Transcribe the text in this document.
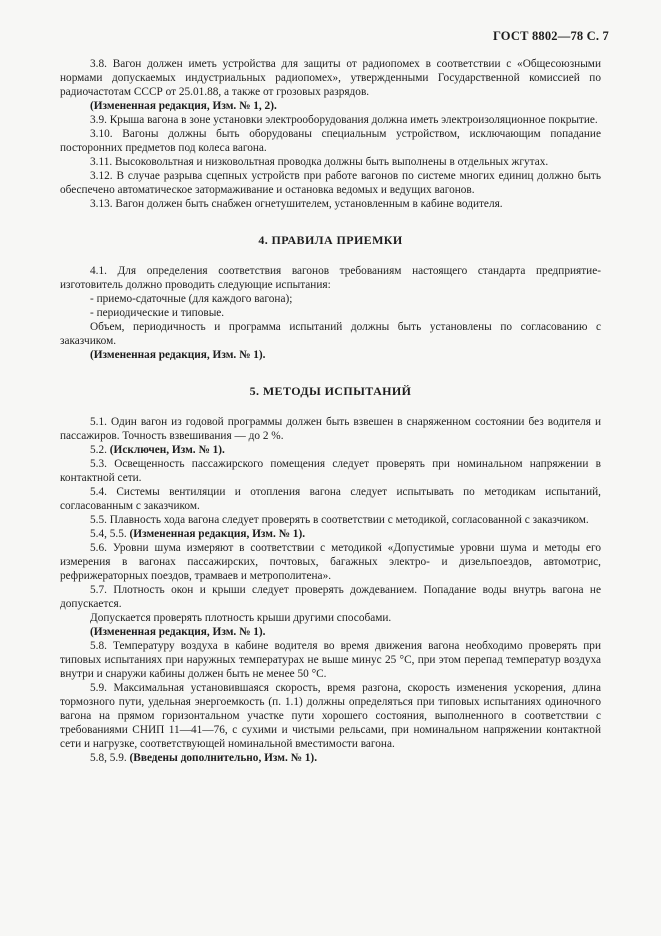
ГОСТ 8802—78 С. 7

3.8. Вагон должен иметь устройства для защиты от радиопомех в соответствии с «Общесоюзными нормами допускаемых индустриальных радиопомех», утвержденными Государственной комиссией по радиочастотам СССР от 25.01.88, а также от грозовых разрядов.

(Измененная редакция, Изм. № 1, 2).

3.9. Крыша вагона в зоне установки электрооборудования должна иметь электроизоляционное покрытие.

3.10. Вагоны должны быть оборудованы специальным устройством, исключающим попадание посторонних предметов под колеса вагона.

3.11. Высоковольтная и низковольтная проводка должны быть выполнены в отдельных жгутах.

3.12. В случае разрыва сцепных устройств при работе вагонов по системе многих единиц должно быть обеспечено автоматическое затормаживание и остановка ведомых и ведущих вагонов.

3.13. Вагон должен быть снабжен огнетушителем, установленным в кабине водителя.

4. ПРАВИЛА ПРИЕМКИ

4.1. Для определения соответствия вагонов требованиям настоящего стандарта предприятие-изготовитель должно проводить следующие испытания:

- приемо-сдаточные (для каждого вагона);

- периодические и типовые.

Объем, периодичность и программа испытаний должны быть установлены по согласованию с заказчиком.

(Измененная редакция, Изм. № 1).

5. МЕТОДЫ ИСПЫТАНИЙ

5.1. Один вагон из годовой программы должен быть взвешен в снаряженном состоянии без водителя и пассажиров. Точность взвешивания — до 2 %.

5.2. (Исключен, Изм. № 1).

5.3. Освещенность пассажирского помещения следует проверять при номинальном напряжении в контактной сети.

5.4. Системы вентиляции и отопления вагона следует испытывать по методикам испытаний, согласованным с заказчиком.

5.5. Плавность хода вагона следует проверять в соответствии с методикой, согласованной с заказчиком.

5.4, 5.5. (Измененная редакция, Изм. № 1).

5.6. Уровни шума измеряют в соответствии с методикой «Допустимые уровни шума и методы его измерения в вагонах пассажирских, почтовых, багажных электро- и дизельпоездов, автомотрис, рефрижераторных поездов, трамваев и метрополитена».

5.7. Плотность окон и крыши следует проверять дождеванием. Попадание воды внутрь вагона не допускается.

Допускается проверять плотность крыши другими способами.

(Измененная редакция, Изм. № 1).

5.8. Температуру воздуха в кабине водителя во время движения вагона необходимо проверять при типовых испытаниях при наружных температурах не выше минус 25 °С, при этом перепад температур воздуха внутри и снаружи кабины должен быть не менее 50 °С.

5.9. Максимальная установившаяся скорость, время разгона, скорость изменения ускорения, длина тормозного пути, удельная энергоемкость (п. 1.1) должны определяться при типовых испытаниях одиночного вагона на прямом горизонтальном участке пути хорошего состояния, выполненного в соответствии с требованиями СНИП 11—41—76, с сухими и чистыми рельсами, при номинальном напряжении контактной сети и нагрузке, соответствующей номинальной вместимости вагона.

5.8, 5.9. (Введены дополнительно, Изм. № 1).
